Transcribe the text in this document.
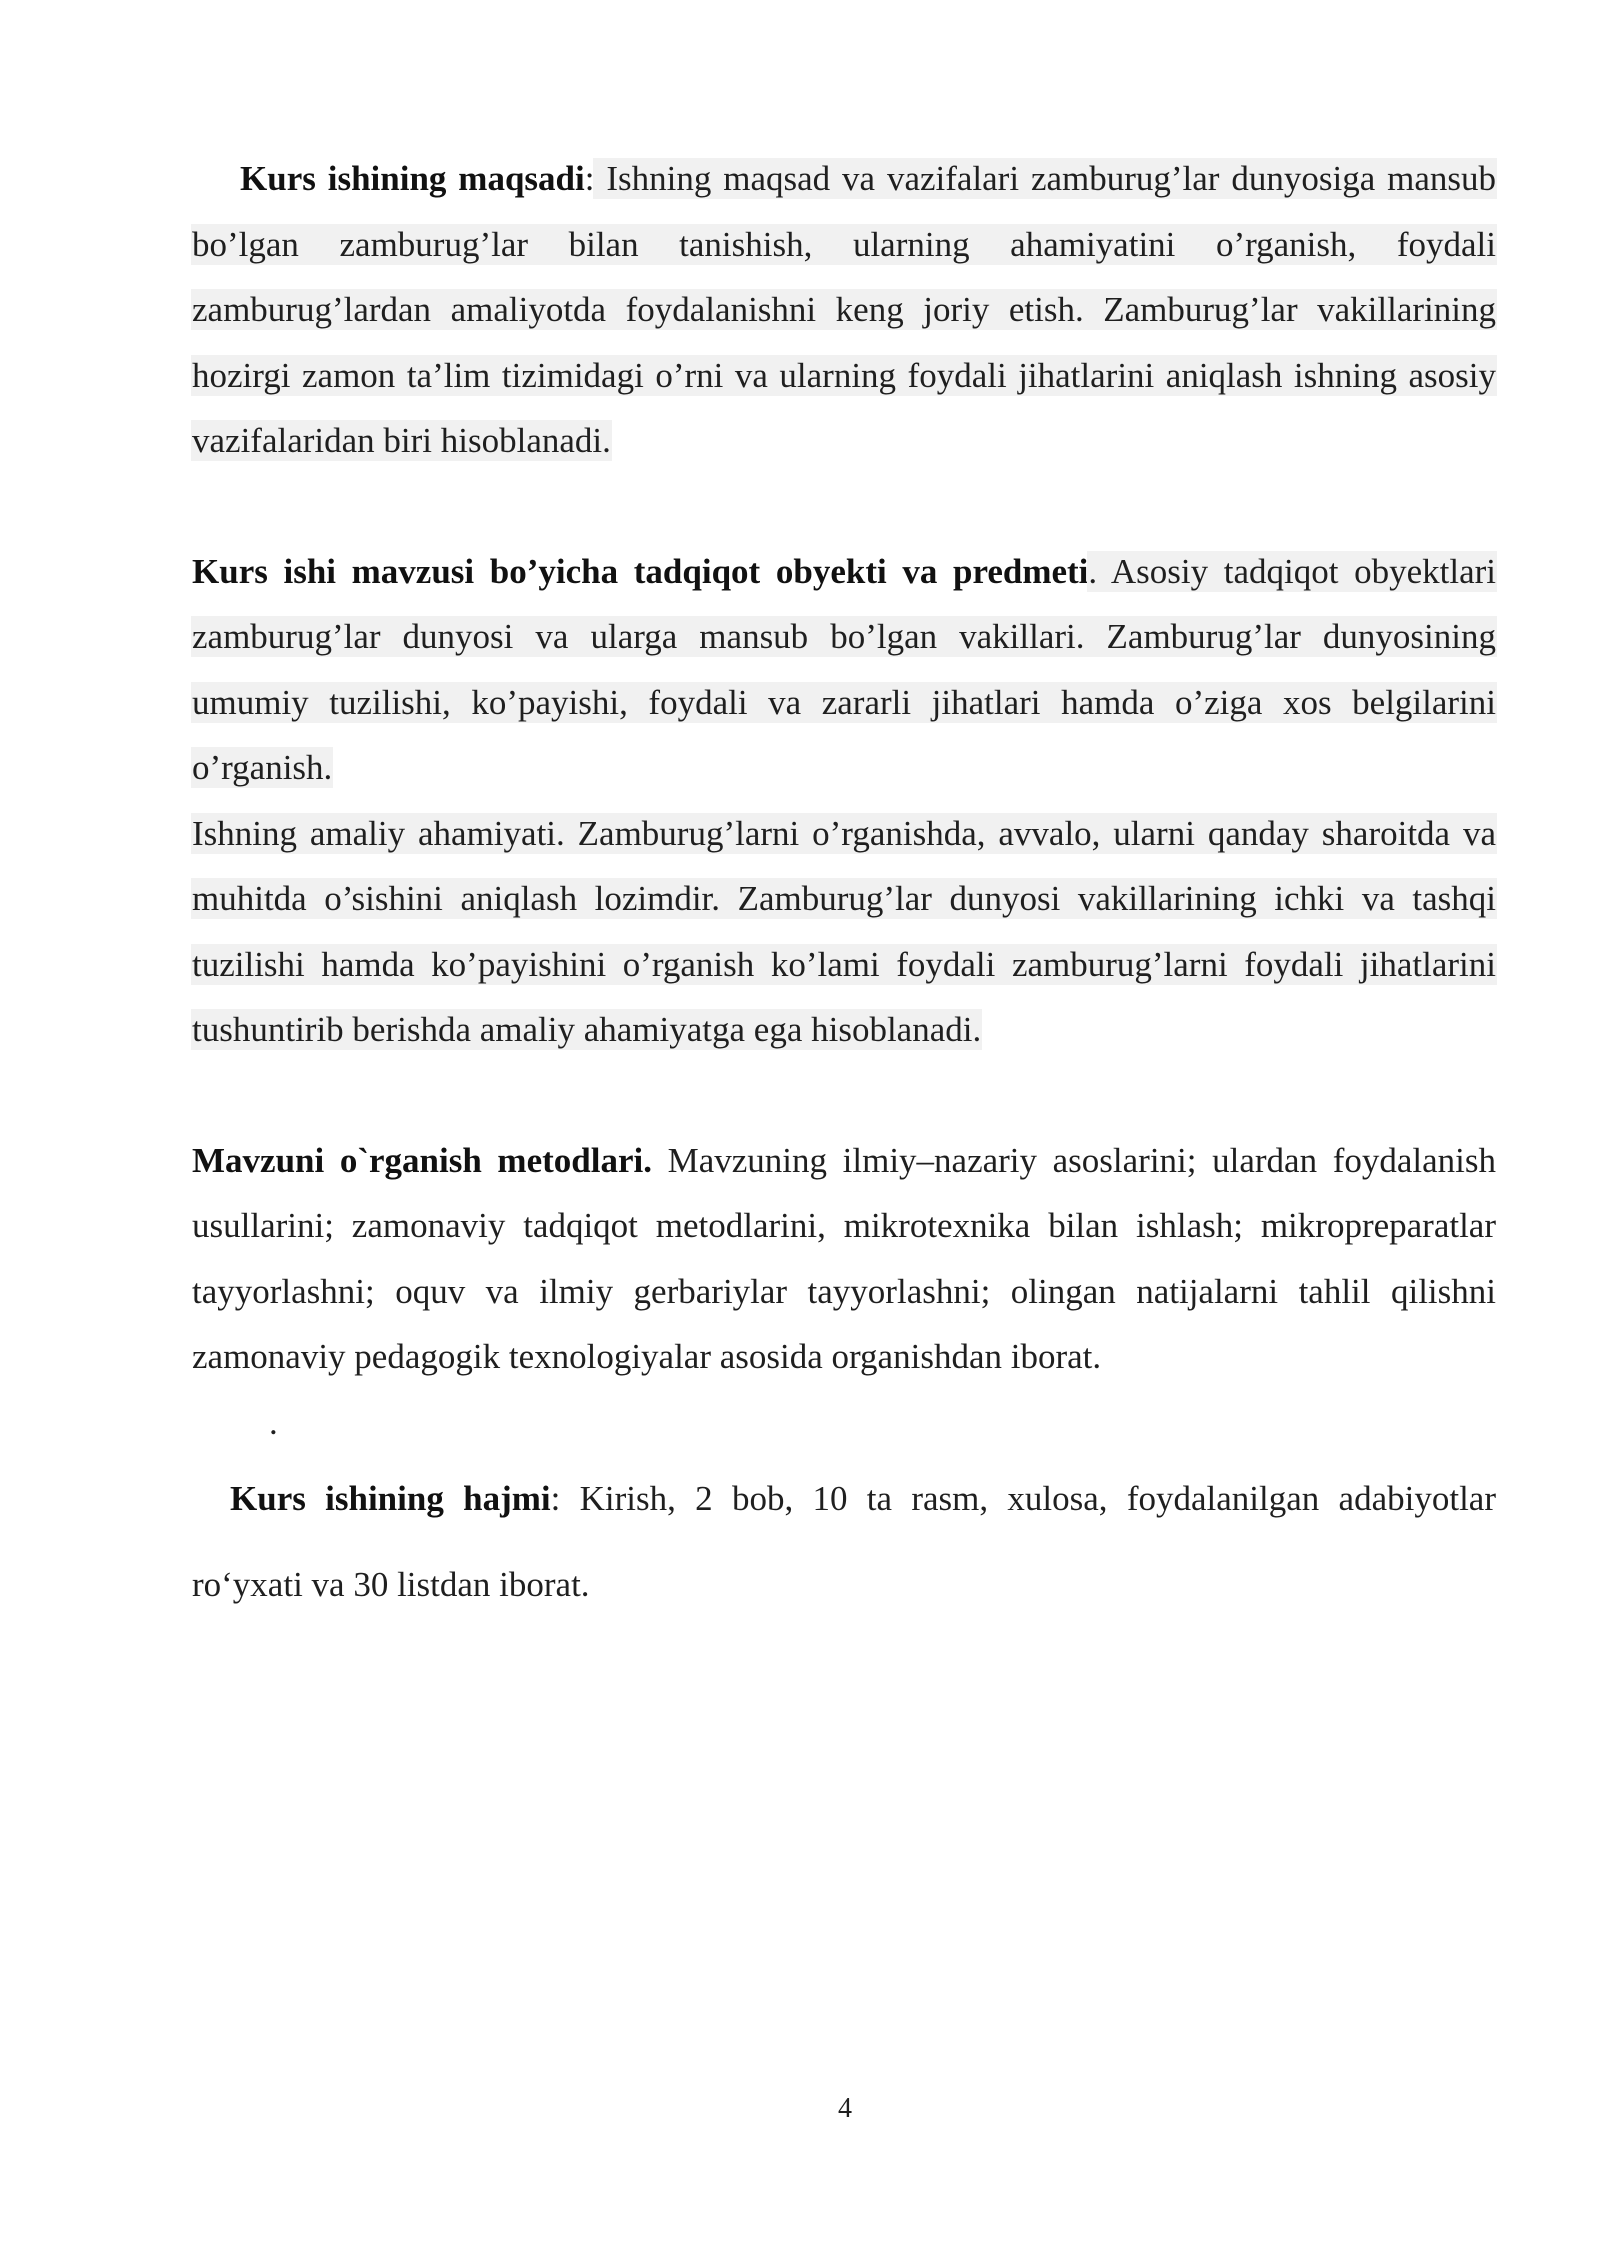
Kurs ishining maqsadi: Ishning maqsad va vazifalari zamburug’lar dunyosiga mansub bo’lgan zamburug’lar bilan tanishish, ularning ahamiyatini o’rganish, foydali zamburug’lardan amaliyotda foydalanishni keng joriy etish. Zamburug’lar vakillarining hozirgi zamon ta’lim tizimidagi o’rni va ularning foydali jihatlarini aniqlash ishning asosiy vazifalaridan biri hisoblanadi.

Kurs ishi mavzusi bo’yicha tadqiqot obyekti va predmeti. Asosiy tadqiqot obyektlari zamburug’lar dunyosi va ularga mansub bo’lgan vakillari. Zamburug’lar dunyosining umumiy tuzilishi, ko’payishi, foydali va zararli jihatlari hamda o’ziga xos belgilarini o’rganish.

Ishning amaliy ahamiyati. Zamburug’larni o’rganishda, avvalo, ularni qanday sharoitda va muhitda o’sishini aniqlash lozimdir. Zamburug’lar dunyosi vakillarining ichki va tashqi tuzilishi hamda ko’payishini o’rganish ko’lami foydali zamburug’larni foydali jihatlarini tushuntirib berishda amaliy ahamiyatga ega hisoblanadi.

Mavzuni o`rganish metodlari. Mavzuning ilmiy–nazariy asoslarini; ulardan foydalanish usullarini; zamonaviy tadqiqot metodlarini, mikrotexnika bilan ishlash; mikropreparatlar tayyorlashni; oquv va ilmiy gerbariylar tayyorlashni; olingan natijalarni tahlil qilishni zamonaviy pedagogik texnologiyalar asosida organishdan iborat.

.

Kurs ishining hajmi: Kirish, 2 bob, 10 ta rasm, xulosa, foydalanilgan adabiyotlar ro‘yxati va 30 listdan iborat.

4
